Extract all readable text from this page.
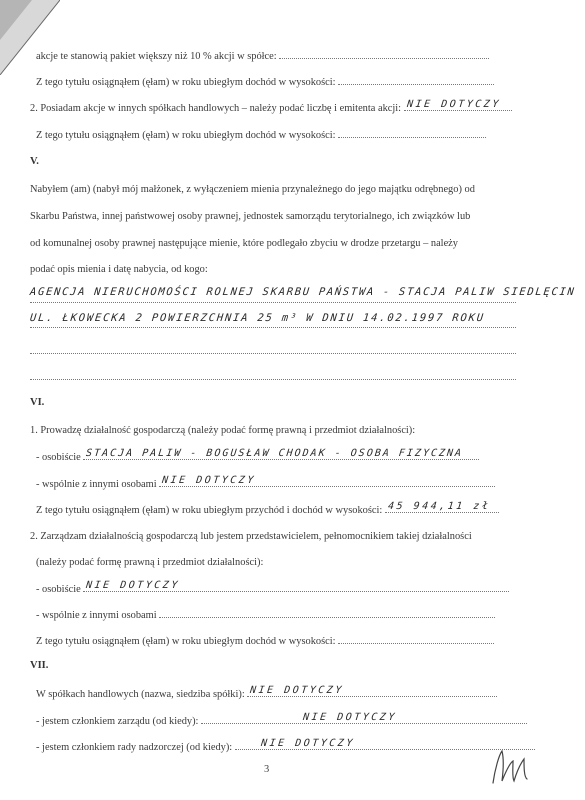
akcje te stanowią pakiet większy niż 10 % akcji w spółce:
Z tego tytułu osiągnąłem (ęłam) w roku ubiegłym dochód w wysokości:
2. Posiadam akcje w innych spółkach handlowych – należy podać liczbę i emitenta akcji: NIE DOTYCZY
Z tego tytułu osiągnąłem (ęłam) w roku ubiegłym dochód w wysokości:
V.
Nabyłem (am) (nabył mój małżonek, z wyłączeniem mienia przynależnego do jego majątku odrębnego) od
Skarbu Państwa, innej państwowej osoby prawnej, jednostek samorządu terytorialnego, ich związków lub
od komunalnej osoby prawnej następujące mienie, które podlegało zbyciu w drodze przetargu – należy
podać opis mienia i datę nabycia, od kogo:
AGENCJA NIERUCHOMOŚCI ROLNEJ SKARBU PAŃSTWA - STACJA PALIW SIEDLĘCIN
UL. ŁKOWECKA 2 POWIERZCHNIA 25 m³ W DNIU 14.02.1997 ROKU
VI.
1. Prowadzę działalność gospodarczą (należy podać formę prawną i przedmiot działalności):
- osobiście STACJA PALIW - BOGUSŁAW CHODAK - OSOBA FIZYCZNA
- wspólnie z innymi osobami NIE DOTYCZY
Z tego tytułu osiągnąłem (ęłam) w roku ubiegłym przychód i dochód w wysokości: 45 944,11 zł
2. Zarządzam działalnością gospodarczą lub jestem przedstawicielem, pełnomocnikiem takiej działalności
(należy podać formę prawną i przedmiot działalności):
- osobiście NIE DOTYCZY
- wspólnie z innymi osobami
Z tego tytułu osiągnąłem (ęłam) w roku ubiegłym dochód w wysokości:
VII.
W spółkach handlowych (nazwa, siedziba spółki): NIE DOTYCZY
- jestem członkiem zarządu (od kiedy):	NIE DOTYCZY
- jestem członkiem rady nadzorczej (od kiedy):	NIE DOTYCZY
3
